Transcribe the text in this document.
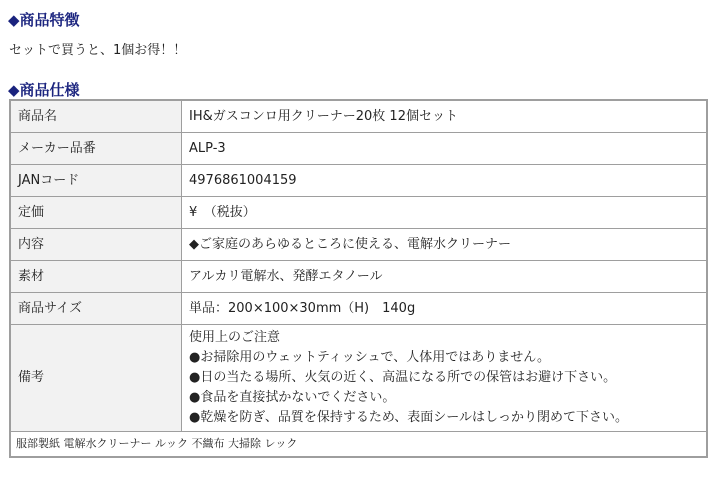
◆商品特徴
セットで買うと、1個お得！！
◆商品仕様
商品名	IH&ガスコンロ用クリーナー20枚 12個セット
メーカー品番	ALP-3
JANコード	4976861004159
定価	¥　（税抜）
内容	◆ご家庭のあらゆるところに使える、電解水クリーナー
素材	アルカリ電解水、発酵エタノール
商品サイズ	単品：200×100×30mm（H)　140g
備考	使用上のご注意
●お掃除用のウェットティッシュで、人体用ではありません。
●日の当たる場所、火気の近く、高温になる所での保管はお避け下さい。
●食品を直接拭かないでください。
●乾燥を防ぎ、品質を保持するため、表面シールはしっかり閉めて下さい。

服部製紙 電解水クリーナー ルック 不織布 大掃除 レック	
